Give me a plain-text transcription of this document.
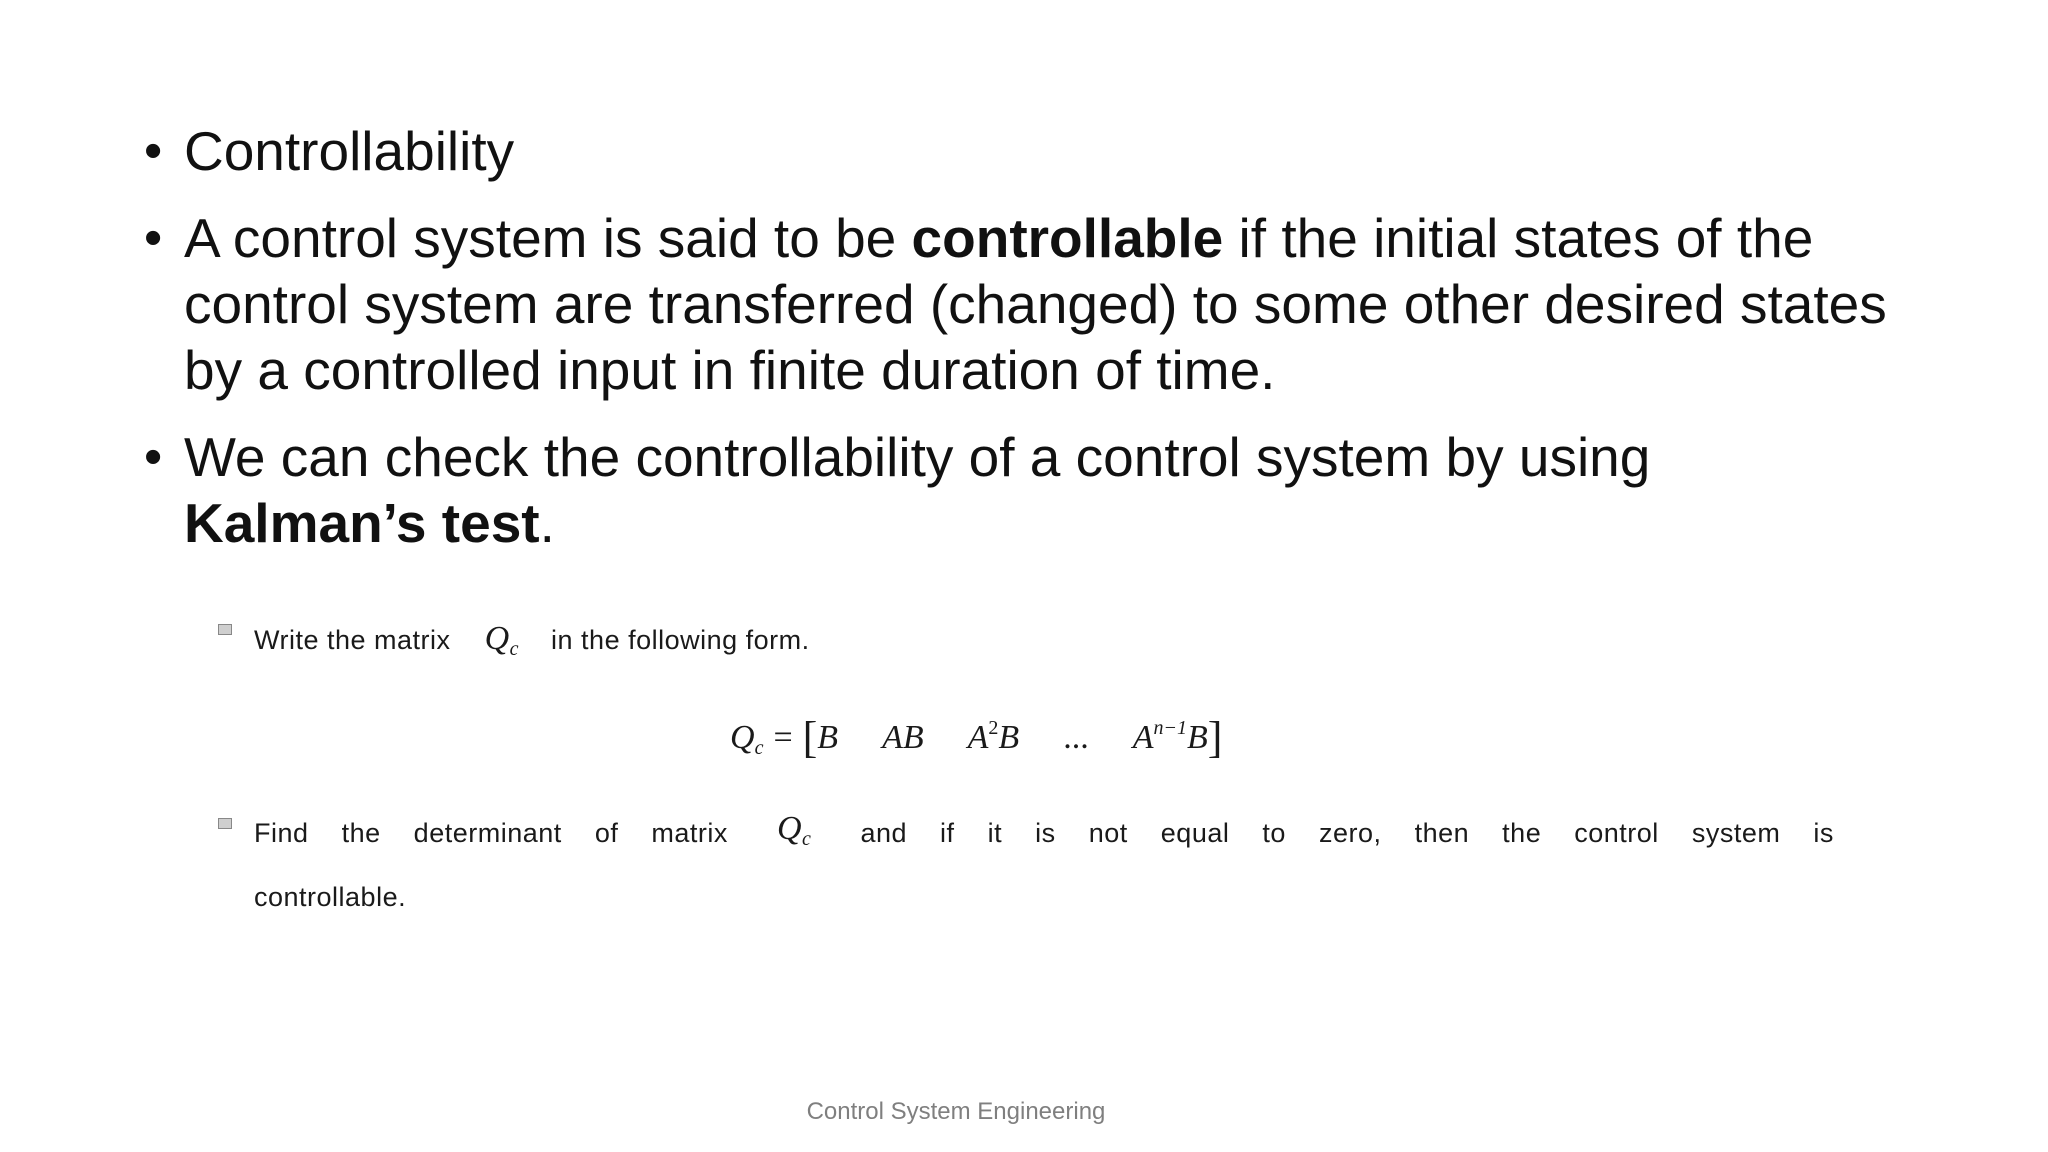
• Controllability
• A control system is said to be controllable if the initial states of the control system are transferred (changed) to some other desired states by a controlled input in finite duration of time.
• We can check the controllability of a control system by using Kalman’s test.
Write the matrix $Q_c$ in the following form.
$Q_c = [B$ AB $A^2B$ ... $A^{n-1}B$]
Find the determinant of matrix $Q_c$ and if it is not equal to zero, then the control system is
controllable.
Control System Engineering
